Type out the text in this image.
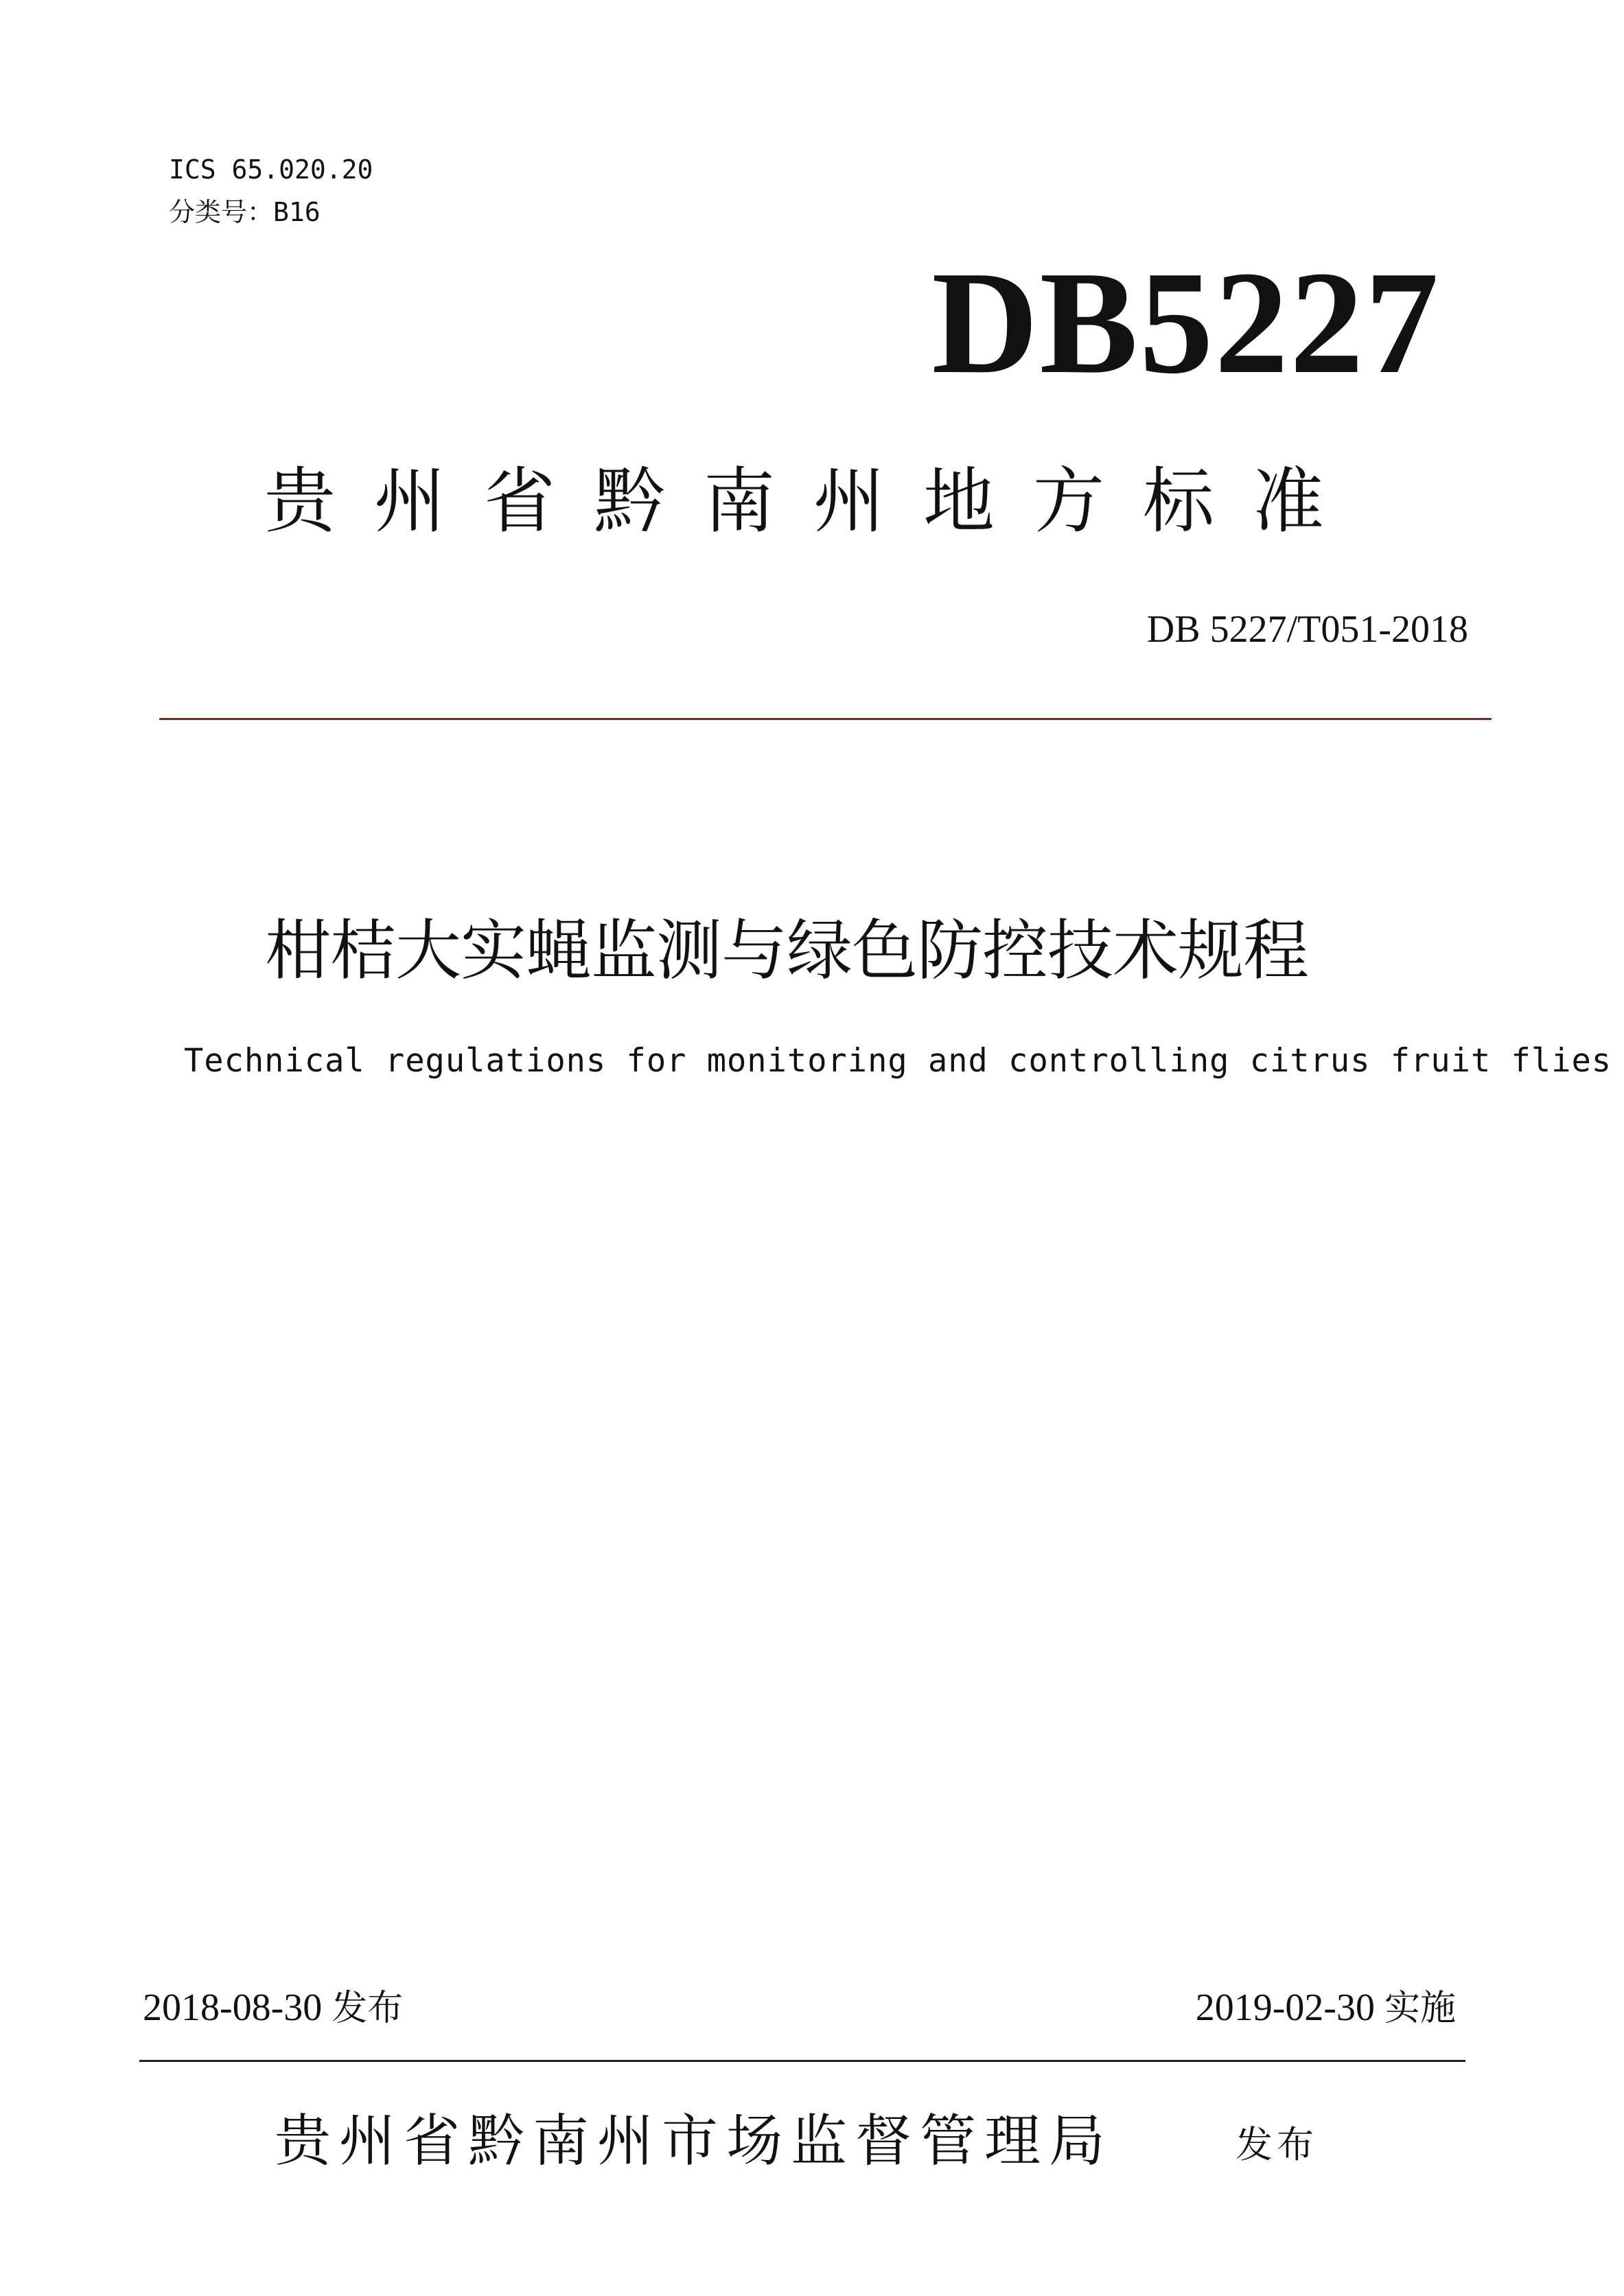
ICS 65.020.20
分类号：B16
DB5227
贵州省黔南州地方标准
DB 5227/T051-2018
柑桔大实蝇监测与绿色防控技术规程
Technical regulations for monitoring and controlling citrus fruit flies
2018-08-30 发布	2019-02-30 实施
贵州省黔南州市场监督管理局	发布
